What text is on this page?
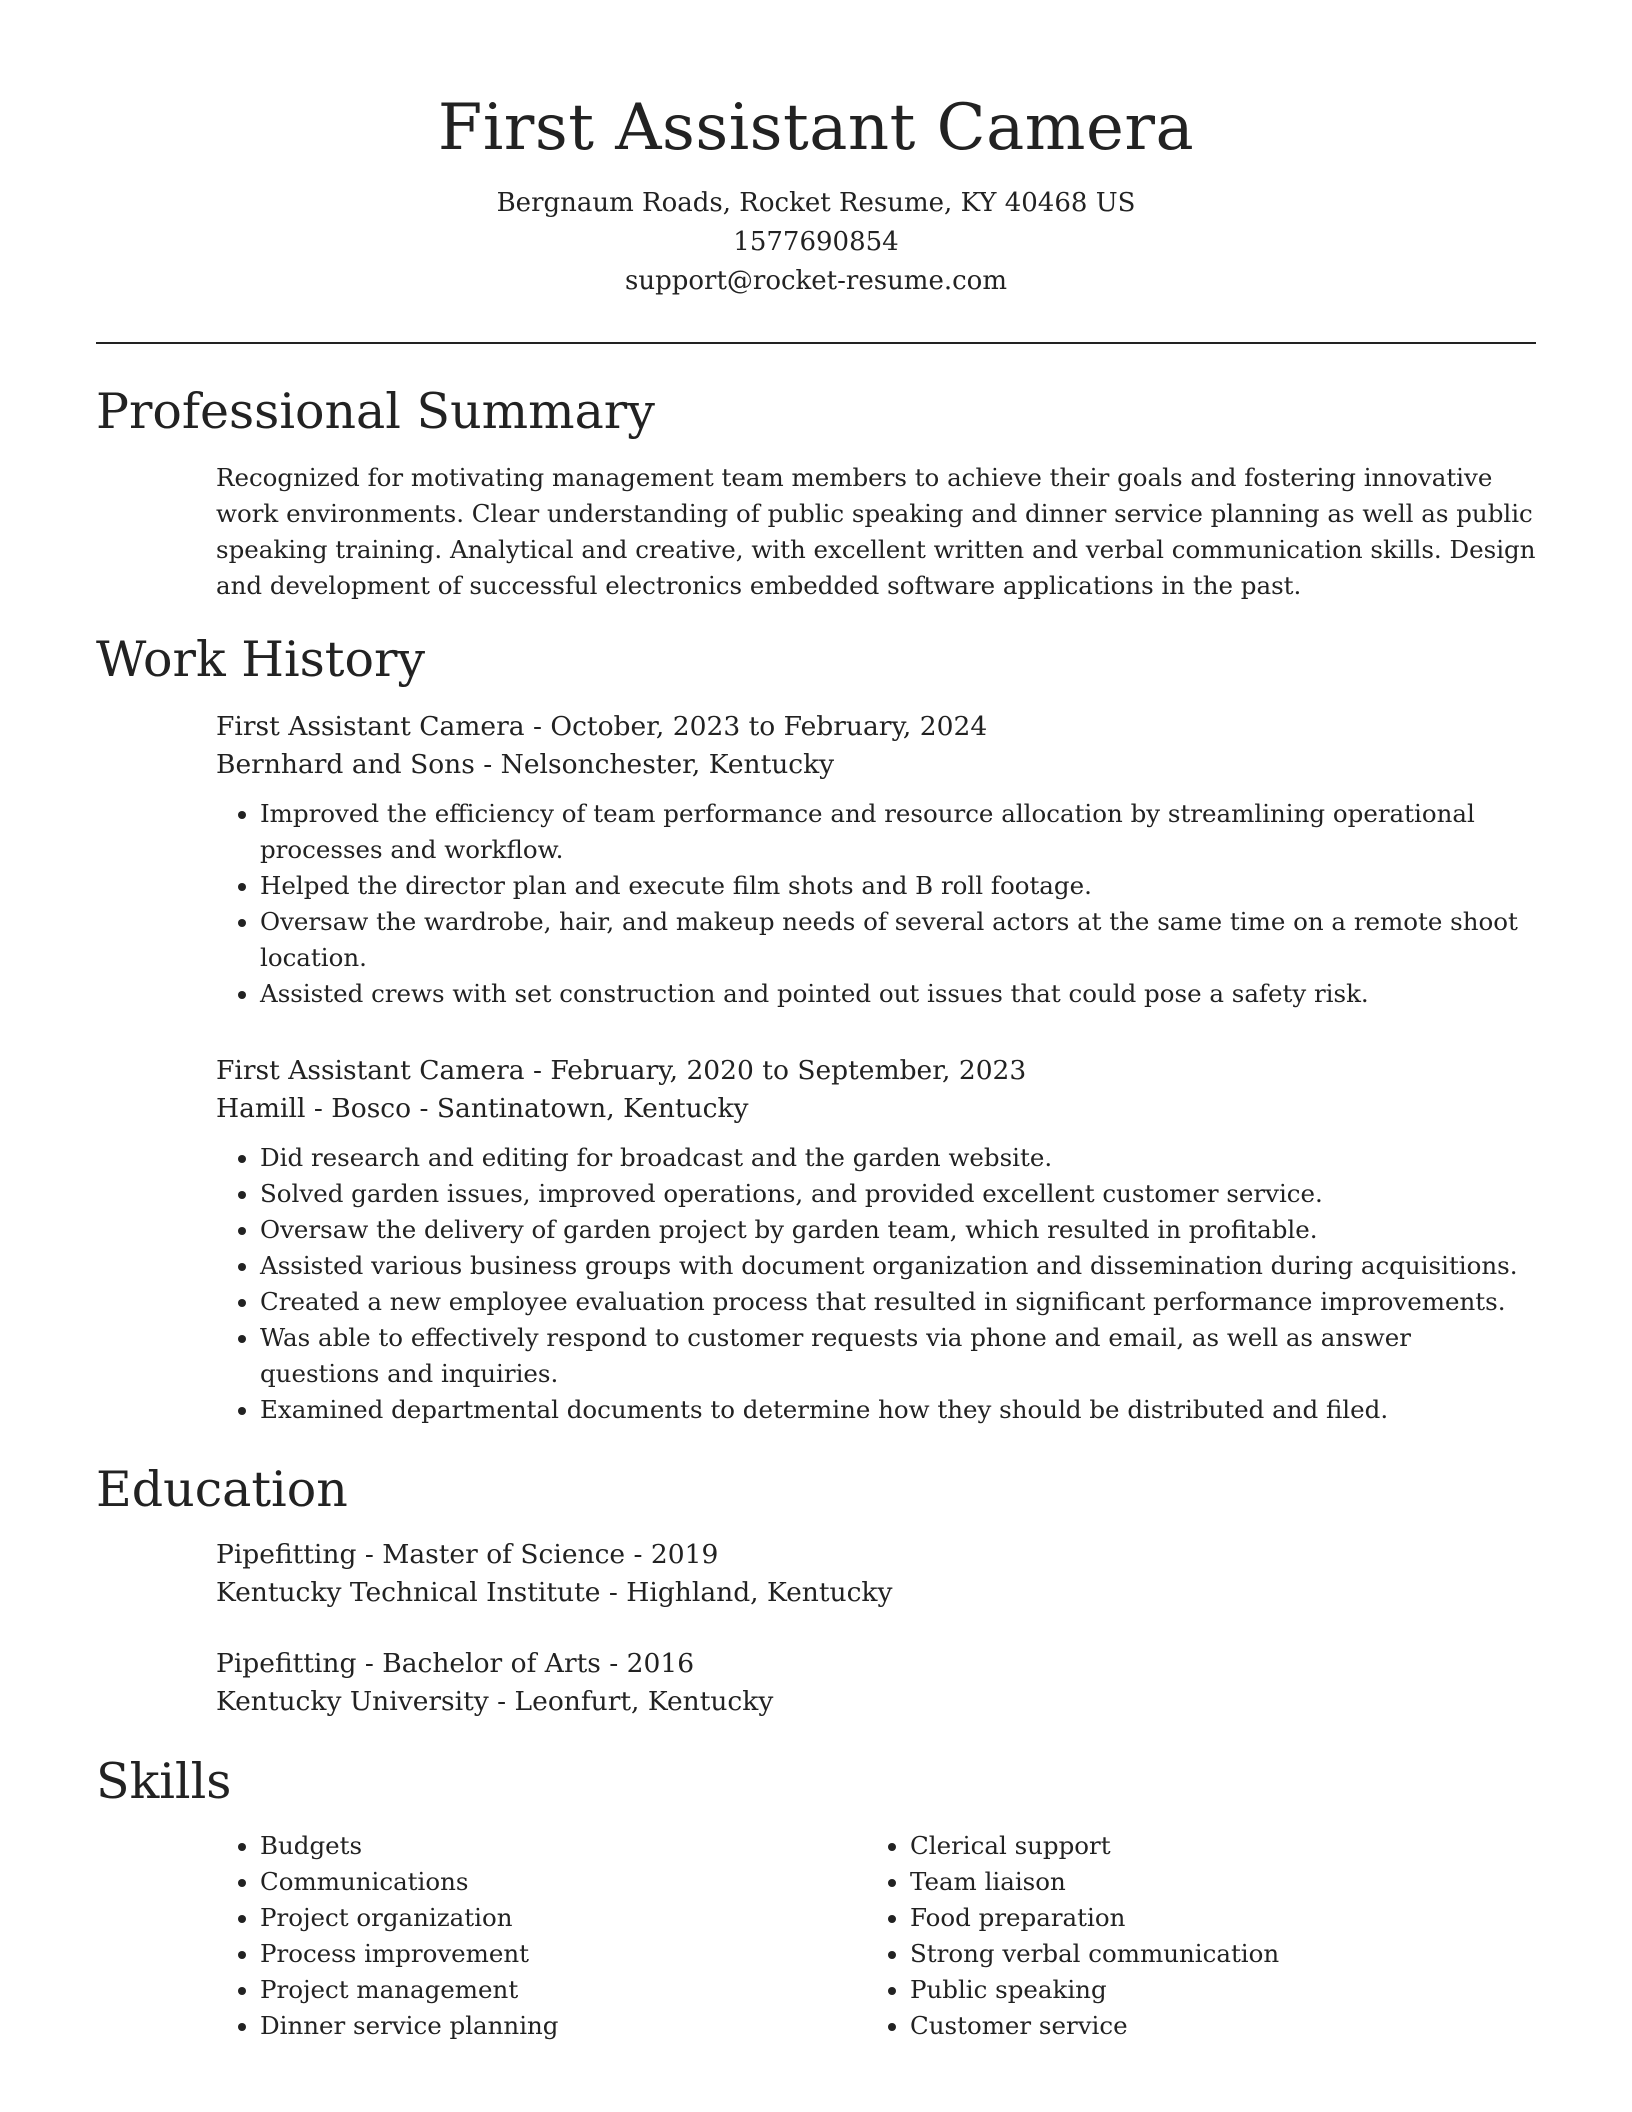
First Assistant Camera
Bergnaum Roads, Rocket Resume, KY 40468 US
1577690854
support@rocket-resume.com
Professional Summary

Recognized for motivating management team members to achieve their goals and fostering innovative work environments. Clear understanding of public speaking and dinner service planning as well as public speaking training. Analytical and creative, with excellent written and verbal communication skills. Design and development of successful electronics embedded software applications in the past.

Work History
First Assistant Camera - October, 2023 to February, 2024
Bernhard and Sons - Nelsonchester, Kentucky
• Improved the efficiency of team performance and resource allocation by streamlining operational processes and workflow.
• Helped the director plan and execute film shots and B roll footage.
• Oversaw the wardrobe, hair, and makeup needs of several actors at the same time on a remote shoot location.
• Assisted crews with set construction and pointed out issues that could pose a safety risk.
First Assistant Camera - February, 2020 to September, 2023
Hamill - Bosco - Santinatown, Kentucky
• Did research and editing for broadcast and the garden website.
• Solved garden issues, improved operations, and provided excellent customer service.
• Oversaw the delivery of garden project by garden team, which resulted in profitable.
• Assisted various business groups with document organization and dissemination during acquisitions.
• Created a new employee evaluation process that resulted in significant performance improvements.
• Was able to effectively respond to customer requests via phone and email, as well as answer questions and inquiries.
• Examined departmental documents to determine how they should be distributed and filed.
Education
Pipefitting - Master of Science - 2019
Kentucky Technical Institute - Highland, Kentucky
Pipefitting - Bachelor of Arts - 2016
Kentucky University - Leonfurt, Kentucky
Skills
• Budgets
• Communications
• Project organization
• Process improvement
• Project management
• Dinner service planning
• Clerical support
• Team liaison
• Food preparation
• Strong verbal communication
• Public speaking
• Customer service
